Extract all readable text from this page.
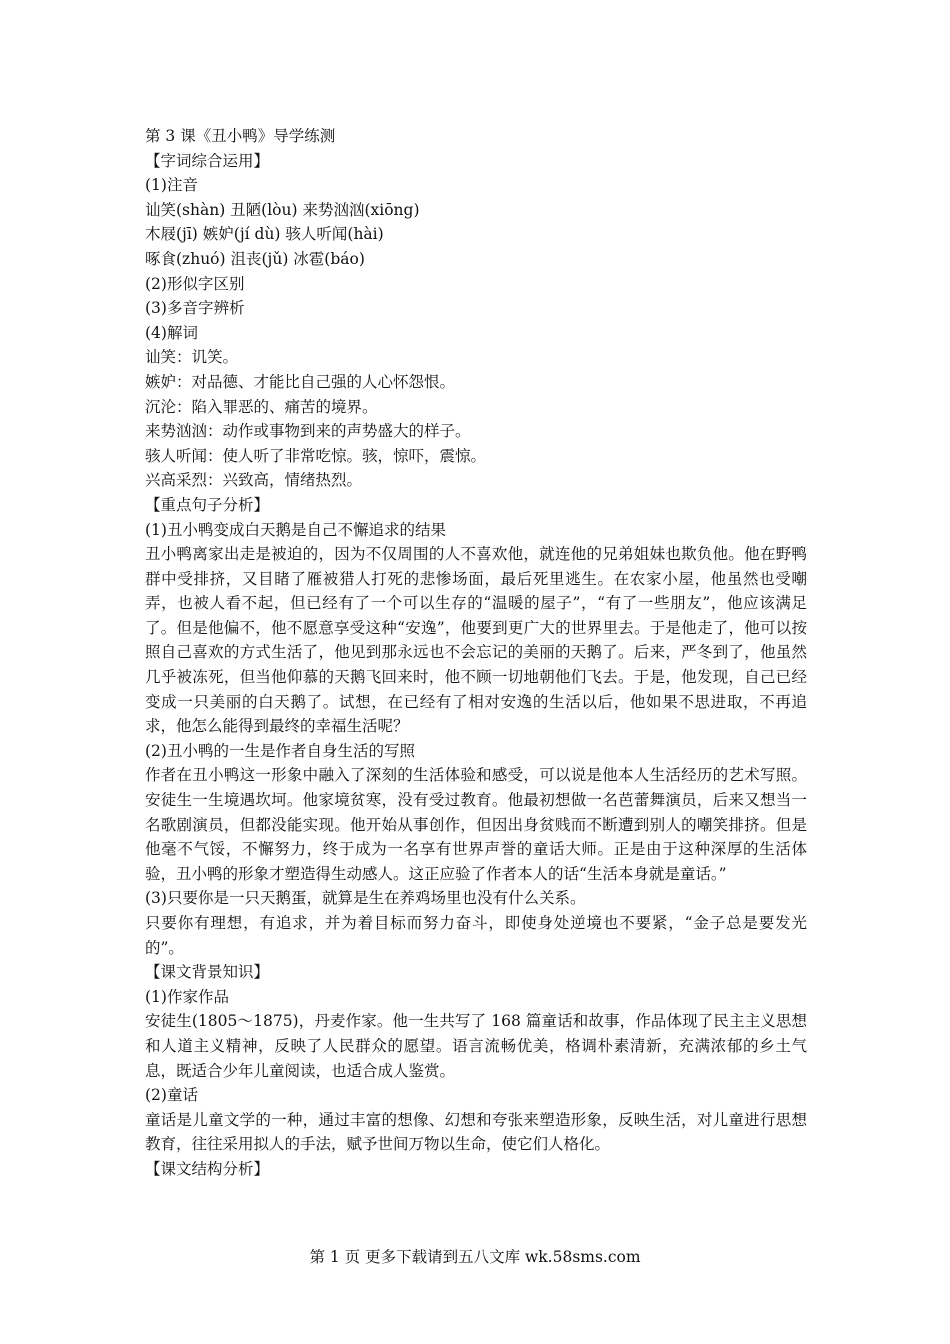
第 3 课《丑小鸭》导学练测

【字词综合运用】

(1)注音

讪笑(shàn) 丑陋(lòu) 来势汹汹(xiōng)

木屐(jī) 嫉妒(jí dù) 骇人听闻(hài)

啄食(zhuó) 沮丧(jǔ) 冰雹(báo)

(2)形似字区别

(3)多音字辨析

(4)解词

讪笑：讥笑。

嫉妒：对品德、才能比自己强的人心怀怨恨。

沉沦：陷入罪恶的、痛苦的境界。

来势汹汹：动作或事物到来的声势盛大的样子。

骇人听闻：使人听了非常吃惊。骇，惊吓，震惊。

兴高采烈：兴致高，情绪热烈。

【重点句子分析】

(1)丑小鸭变成白天鹅是自己不懈追求的结果

丑小鸭离家出走是被迫的，因为不仅周围的人不喜欢他，就连他的兄弟姐妹也欺负他。他在野鸭群中受排挤，又目睹了雁被猎人打死的悲惨场面，最后死里逃生。在农家小屋，他虽然也受嘲弄，也被人看不起，但已经有了一个可以生存的“温暖的屋子”，“有了一些朋友”，他应该满足了。但是他偏不，他不愿意享受这种“安逸”，他要到更广大的世界里去。于是他走了，他可以按照自己喜欢的方式生活了，他见到那永远也不会忘记的美丽的天鹅了。后来，严冬到了，他虽然几乎被冻死，但当他仰慕的天鹅飞回来时，他不顾一切地朝他们飞去。于是，他发现，自己已经变成一只美丽的白天鹅了。试想，在已经有了相对安逸的生活以后，他如果不思进取，不再追求，他怎么能得到最终的幸福生活呢？

(2)丑小鸭的一生是作者自身生活的写照

作者在丑小鸭这一形象中融入了深刻的生活体验和感受，可以说是他本人生活经历的艺术写照。安徒生一生境遇坎坷。他家境贫寒，没有受过教育。他最初想做一名芭蕾舞演员，后来又想当一名歌剧演员，但都没能实现。他开始从事创作，但因出身贫贱而不断遭到别人的嘲笑排挤。但是他毫不气馁，不懈努力，终于成为一名享有世界声誉的童话大师。正是由于这种深厚的生活体验，丑小鸭的形象才塑造得生动感人。这正应验了作者本人的话“生活本身就是童话。”

(3)只要你是一只天鹅蛋，就算是生在养鸡场里也没有什么关系。

只要你有理想，有追求，并为着目标而努力奋斗，即使身处逆境也不要紧，“金子总是要发光的”。

【课文背景知识】

(1)作家作品

安徒生(1805～1875)，丹麦作家。他一生共写了 168 篇童话和故事，作品体现了民主主义思想和人道主义精神，反映了人民群众的愿望。语言流畅优美，格调朴素清新，充满浓郁的乡土气息，既适合少年儿童阅读，也适合成人鉴赏。

(2)童话

童话是儿童文学的一种，通过丰富的想像、幻想和夸张来塑造形象，反映生活，对儿童进行思想教育，往往采用拟人的手法，赋予世间万物以生命，使它们人格化。

【课文结构分析】

第 1 页 更多下载请到五八文库 wk.58sms.com
